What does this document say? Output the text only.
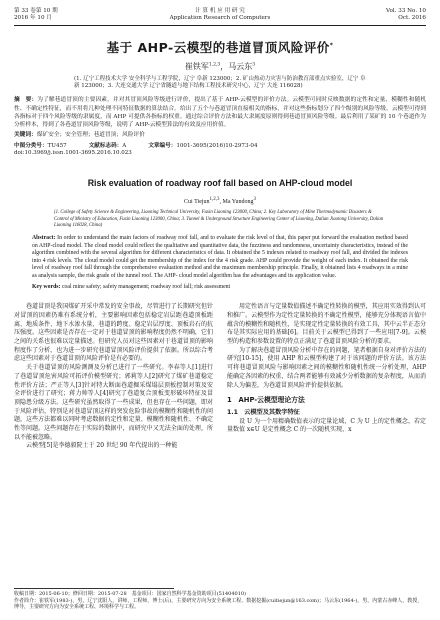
第 33 卷第 10 期
2016 年 10 月
计 算 机 应 用 研 究
Application Research of Computers
Vol. 33 No. 10
Oct. 2016
基于 AHP-云模型的巷道冒顶风险评价*
崔铁军$^{1,2,3}$，马云东$^3$
(1. 辽宁工程技术大学 安全科学与工程学院，辽宁 阜新 123000；2. 矿山热动力灾害与防治教育部重点实验室，辽宁 阜新 123000；3. 大连交通大学 辽宁省隧道与地下结构工程技术研究中心，辽宁 大连 116028)
摘　要：为了解巷道冒顶的主要因素，并对其冒顶风险等级进行评价，提出了基于 AHP-云模型的评价方法。云模型可同时反映数据的定性和定量、模糊性和随机性、不确定性特征，而不用将几种处理不同特征数据的算法结合。给出了五个与巷道冒顶直接相关的指标，并对这些指标划分了四个级别的风险等级。云模型可得到各指标对于四个风险等级的隶属度，而 AHP 可提供各指标的权重。通过综合评价方法和最大隶属度原则得到巷道冒顶风险等级。最后利用了某矿的 10 个巷道作为分析样本，得到了各巷道冒顶风险等级，说明了 AHP-云模型算法的有效及应用价值。
关键词：煤矿安全；安全管理；巷道冒顶；风险评价
中图分类号：TU457	文献标志码：A	文章编号：1001-3695(2016)10-2973-04
doi:10.3969/j.issn.1001-3695.2016.10.023
Risk evaluation of roadway roof fall based on AHP-cloud model
Cui Tiejun$^{1,2,3}$, Ma Yundong$^3$
(1. College of Safety Science & Engineering, Liaoning Technical University, Fuxin Liaoning 123000, China; 2. Key Laboratory of Mine Thermodynamic Disasters & Control of Ministry of Education, Fuxin Liaoning 123000, China; 3. Tunnel & Underground Structure Engineering Center of Liaoning, Dalian Jiaotong University, Dalian Liaoning 116028, China)
Abstract: In order to understand the main factors of roadway roof fall, and to evaluate the risk level of that, this paper put forward the evaluation method based on AHP-cloud model. The cloud model could reflect the qualitative and quantitative data, the fuzziness and randomness, uncertainty characteristics, instead of the algorithm combined with the several algorithm for different characteristics of data. It obtained the 5 indexes related to roadway roof fall, and divided the indexes into 4 risk levels. The cloud model could get the membership of the index for the 4 risk grade. AHP could provide the weight of each index. It obtained the risk level of roadway roof fall through the comprehensive evaluation method and the maximum membership principle. Finally, it obtained lists 4 roadways in a mine as analysis sample, the risk grade of the tunnel roof. The AHP- cloud model algorithm has the advantages and its application value.
Key words: coal mine safety; safety management; roadway roof fall; risk assessment

巷道冒顶是我国煤矿开采中常发的安全事故，尽管进行了长期研究但针对冒顶的因素仍难有系统分析，主要影响因素包括稳定岩层距巷道顶板距离、地质条件、地下水渗水量、巷道的跨度、稳定岩层厚度、顶板岩石的抗压强度。这些因素是否存在一定对于巷道冒顶的影响程度仍然不明确，它们之间的关系也很难以定量描述。但研究人员对这些因素对于巷道冒顶的影响程度作了分析，也为进一步研究巷道冒顶风险评价提供了依据。所以综合考虑这些因素对于巷道冒顶的风险评价是有必要的。

关于巷道冒顶的风险测测及分析已进行了一些研究。李春等人[1]进行了巷道冒顶危害风险可拓评价模型研究；郭莉等人[2]研究了煤矿巷道稳定性评价方法；严正等人[3]针对特大断面巷道掘采煤塌层顶板控制对策及安全评价进行了研究；蒋力帅等人[4]研究了巷道复合顶板变形破坏特征及冒顶隐患分级方法。这些研究虽然取得了一些成果，但也存在一些问题，即对于风险评估，特别是对巷道冒顶这样的突发危险事故的模糊性和随机性的问题，这些方法都难以同时考虑数据的定性和定量、模糊性和随机性、不确定性等问题。这些问题存在于实际的数据中，而研究中又无法全面的处理，所以不能被忽略。

云模型[5]是李德毅院士于 20 世纪 90 年代提出的一种能

用定性语言与定量数值描述不确定性转换的模型，其应用实效得到认可和推广。云模型作为定性定量转换的不确定性模型，能够充分体现语言值中蕴含的模糊性和随机性，是实现定性定量转换的有效工具，其中云半正态分布是其实际应用的基础[6]。目前关于云模型已得到了一些应用[7-9]。云模型的构造和参数设置的特点正满足了巷道冒顶风险分析的要求。

为了解决巷道冒顶风险分析中存在的问题，笔者根据自身对评价方法的研究[10-15]，使用 AHP 和云模型构建了对于该问题的评价方法。该方法可将巷道冒顶风险与影响因素之间的模糊性和随机性统一分析处理，AHP 能确定各因素的权重，结合两者能够有效减少分析数据的复杂程度，从而消除人为偏差，为巷道冒顶风险评价提供依据。

1　AHP-云模型理论方法

1.1　云模型及其数字特征

设 U 为一个用精确数值表示的定量论域，C 为 U 上的定性概念，若定量数值 x∈U 是定性概念 C 的一次随机实现，x

收稿日期：2015-06-10；修回日期：2015-07-28　基金项目：国家自然科学基金资助项目(51404010)
作者简介：崔铁军(1983-)，男，辽宁沈阳人，讲师，工程师，博士(后)，主要研究方向为安全系统工程、数据挖掘(cuitiejun@163.com)；马云东(1964-)，男，内蒙古赤峰人，教授，博导，主要研究方向为安全系统工程、环境科学与工程。
